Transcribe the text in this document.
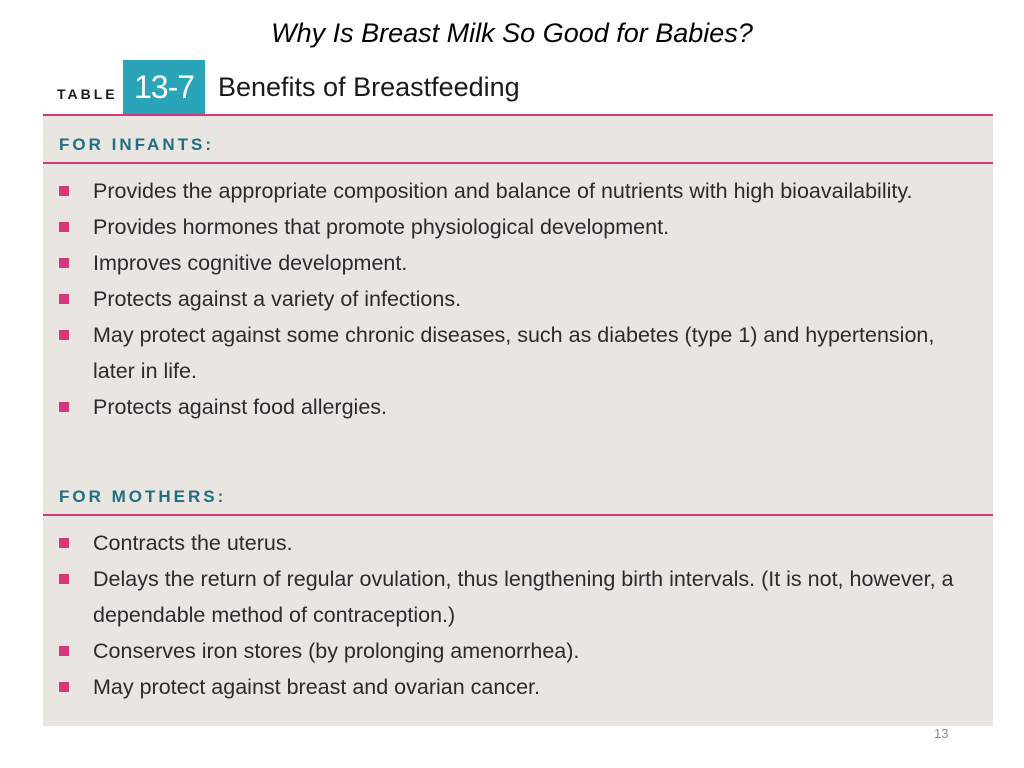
Why Is Breast Milk So Good for Babies?
TABLE 13-7 Benefits of Breastfeeding
FOR INFANTS:
Provides the appropriate composition and balance of nutrients with high bioavailability.
Provides hormones that promote physiological development.
Improves cognitive development.
Protects against a variety of infections.
May protect against some chronic diseases, such as diabetes (type 1) and hypertension, later in life.
Protects against food allergies.
FOR MOTHERS:
Contracts the uterus.
Delays the return of regular ovulation, thus lengthening birth intervals. (It is not, however, a dependable method of contraception.)
Conserves iron stores (by prolonging amenorrhea).
May protect against breast and ovarian cancer.
13
